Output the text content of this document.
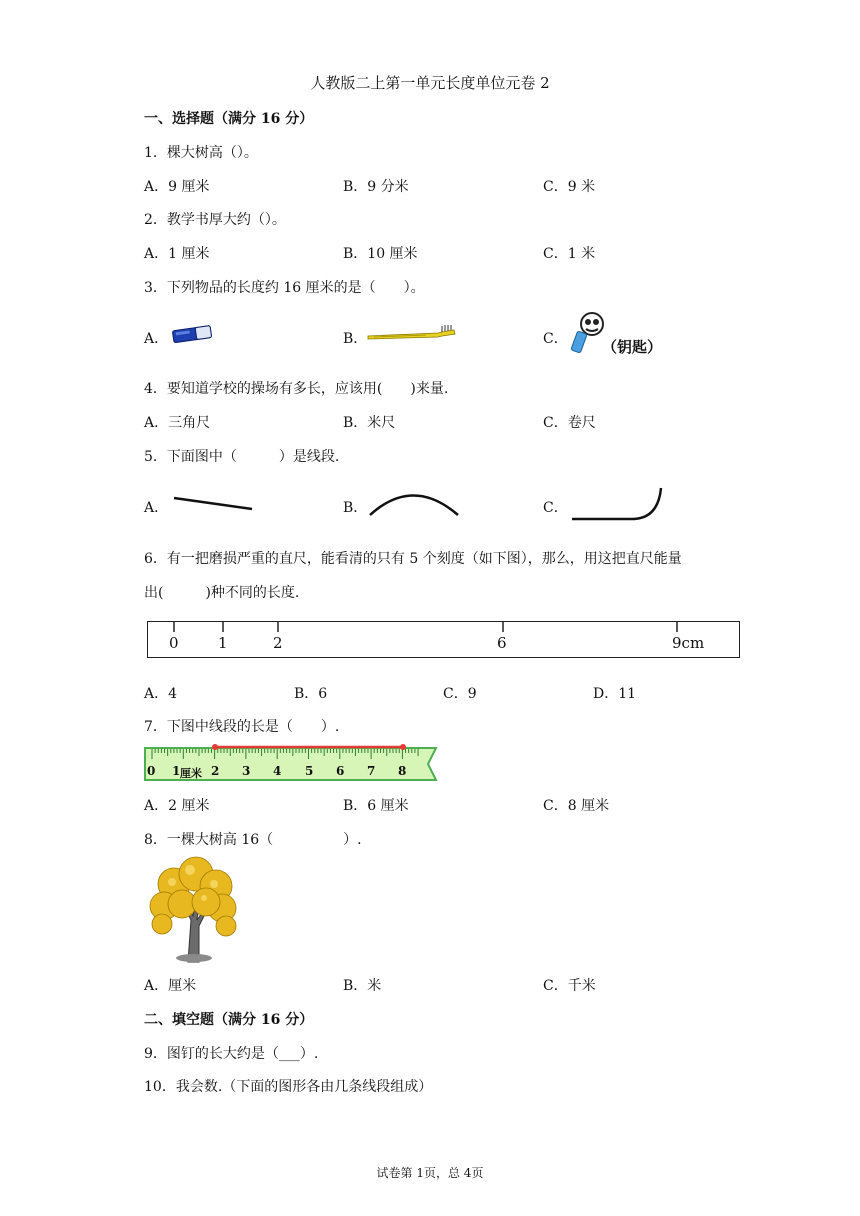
人教版二上第一单元长度单位元卷 2
一、选择题（满分 16 分）
1．棵大树高（）。
A．9 厘米	B．9 分米	C．9 米
2．教学书厚大约（）。
A．1 厘米	B．10 厘米	C．1 米
3．下列物品的长度约 16 厘米的是（　　）。
A．	B．	C． （钥匙）
4．要知道学校的操场有多长，应该用(　　)来量.
A．三角尺	B．米尺	C．卷尺
5．下面图中（　　　）是线段.
A．	B．	C．
6．有一把磨损严重的直尺，能看清的只有 5 个刻度（如下图），那么，用这把直尺能量
出(　　　)种不同的长度.
0	1	2	6	9cm
A．4	B．6	C．9	D．11
7．下图中线段的长是（　　）.
0 1 厘米 2 3 4 5 6 7 8
A．2 厘米	B．6 厘米	C．8 厘米
8．一棵大树高 16（　　　　　）.
A．厘米	B．米	C．千米
二、填空题（满分 16 分）
9．图钉的长大约是（___）.
10．我会数.（下面的图形各由几条线段组成）
试卷第 1页，总 4页
